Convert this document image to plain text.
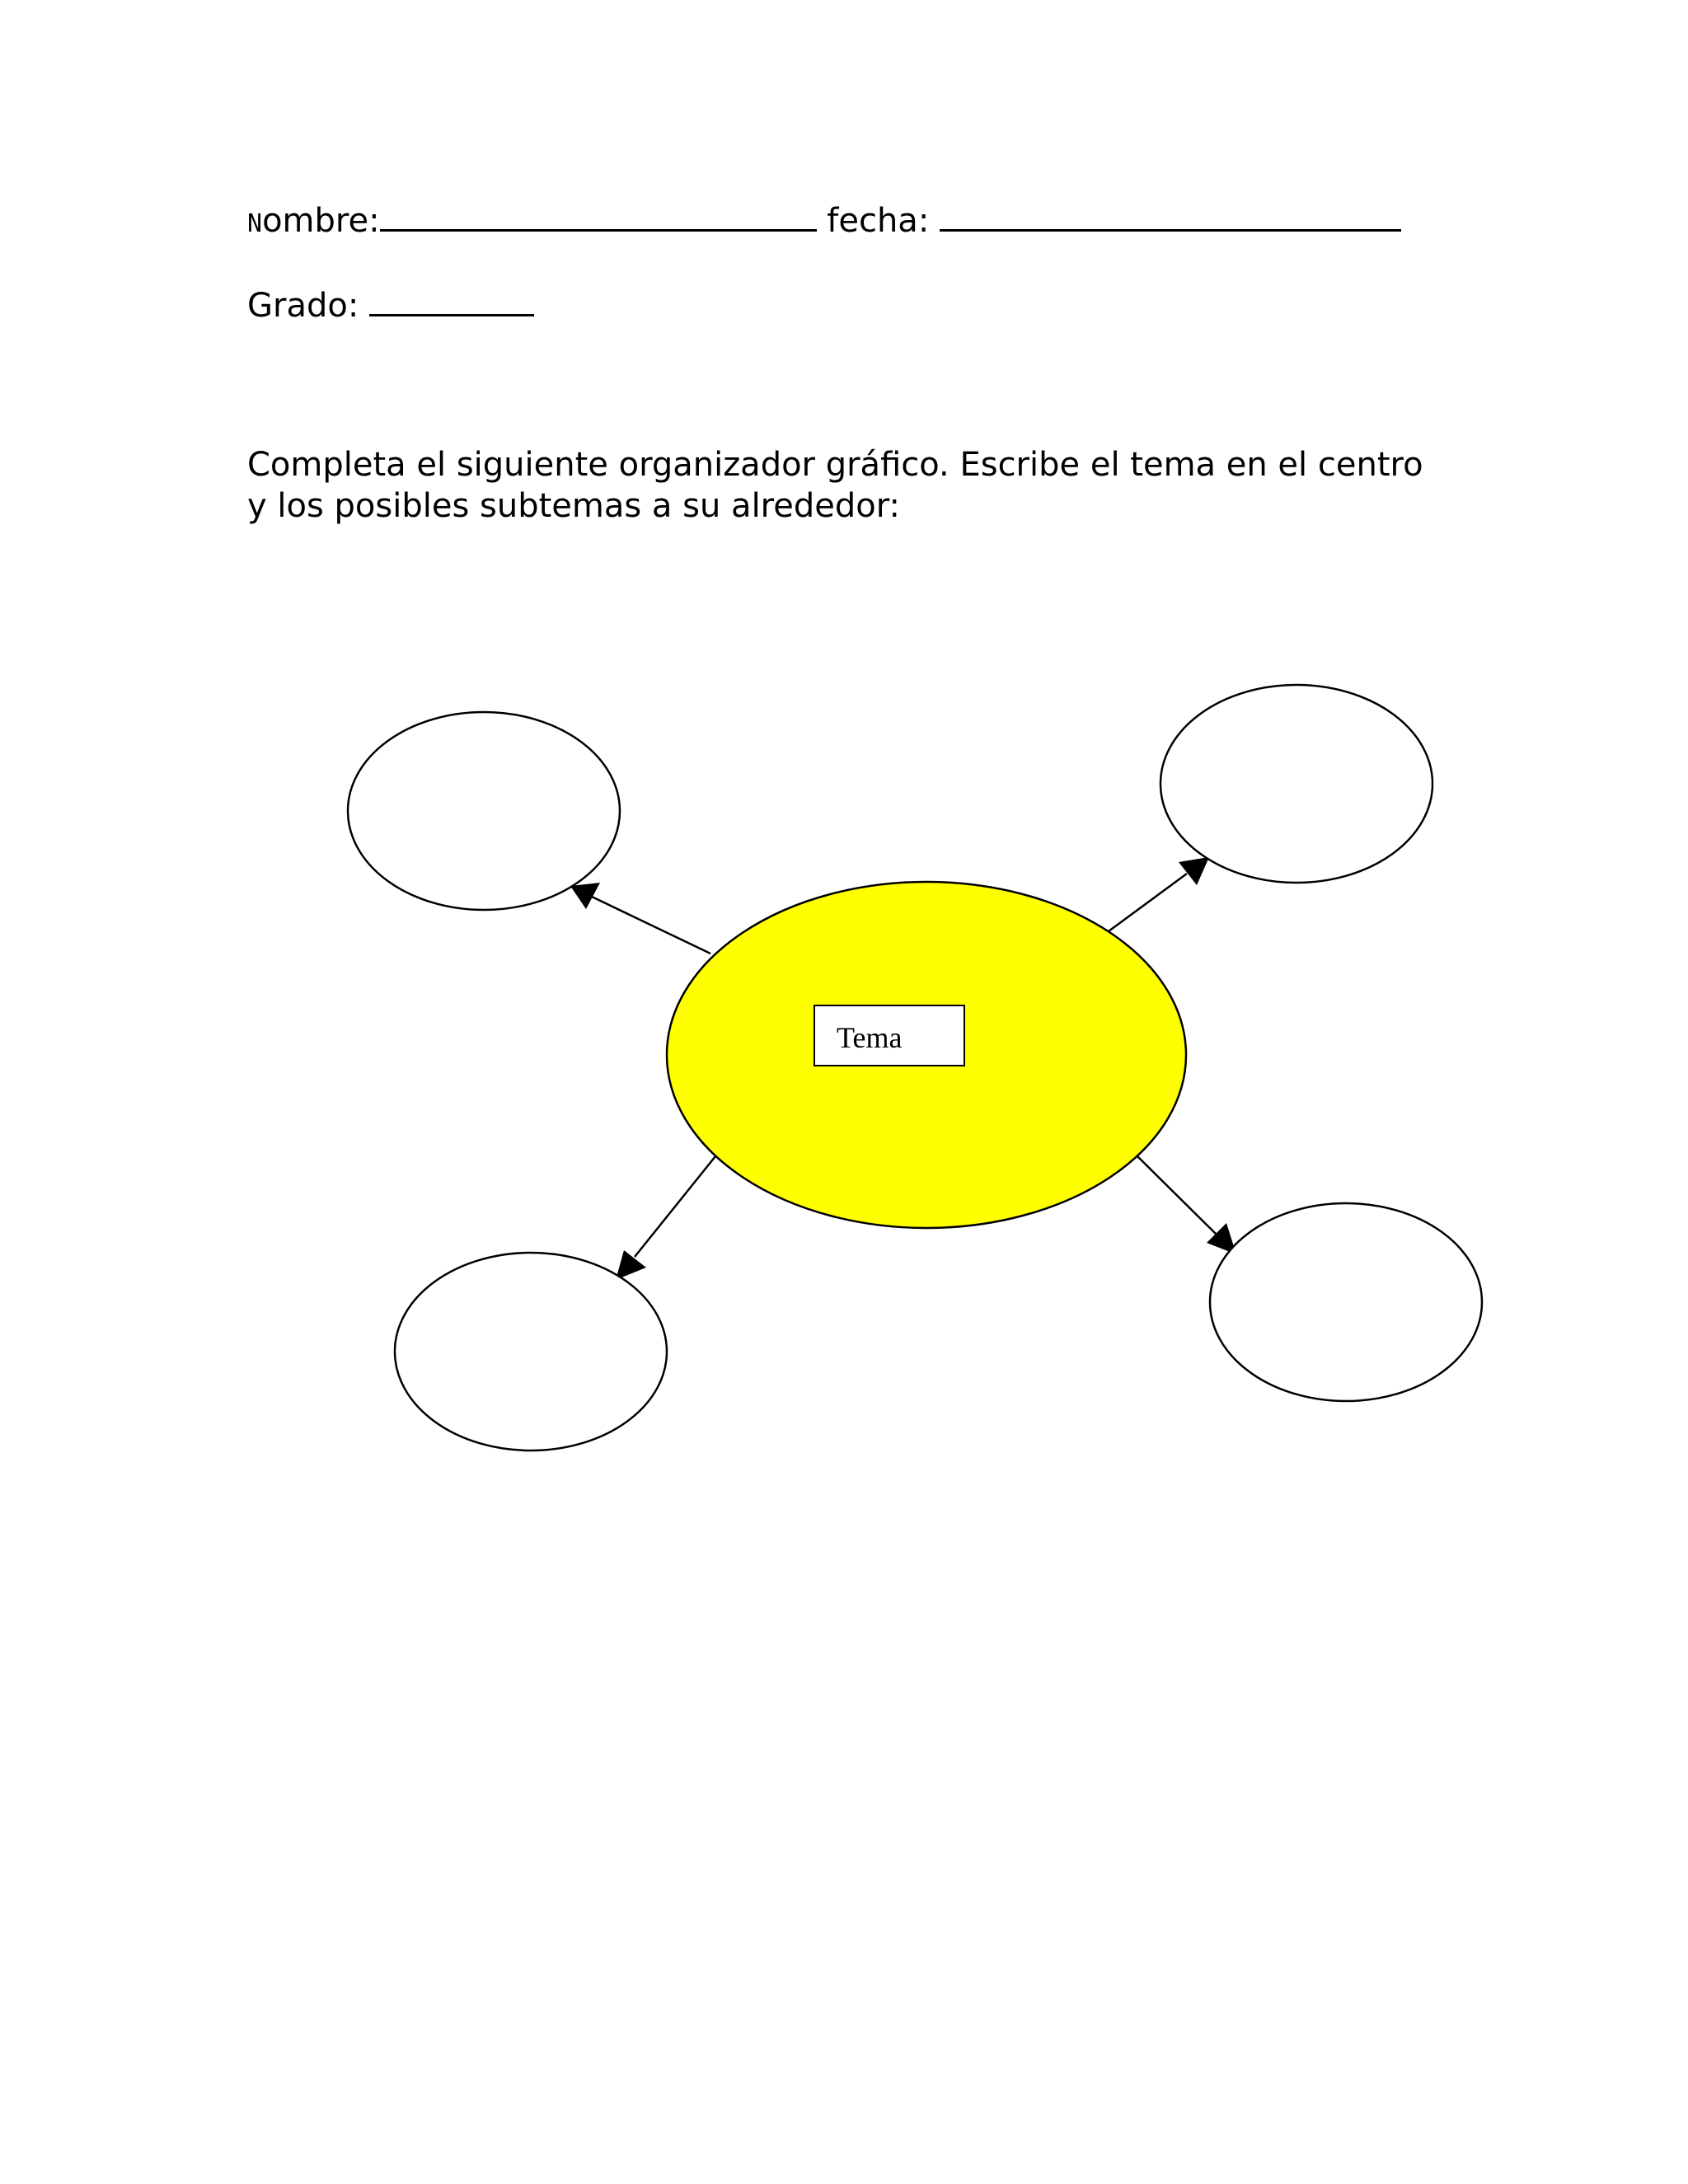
Nombre:	fecha:
Grado:
Completa el siguiente organizador gráfico. Escribe el tema en el centro
y los posibles subtemas a su alrededor:
Tema
